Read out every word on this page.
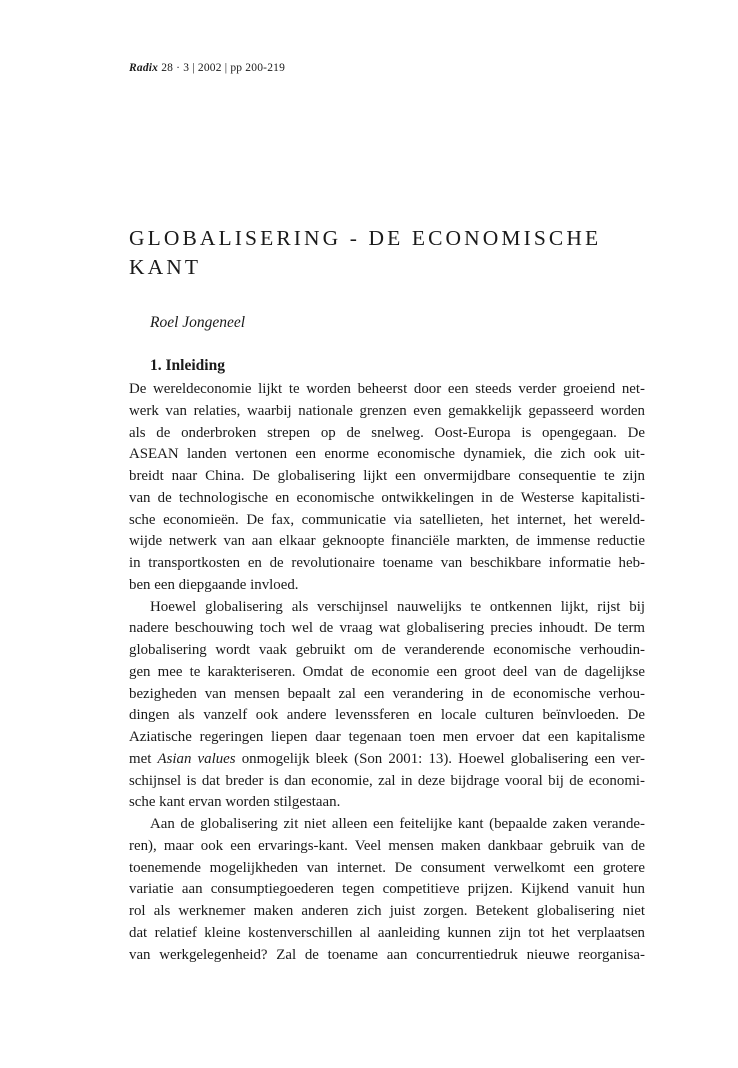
Radix 28 · 3 | 2002 | pp 200-219
GLOBALISERING - DE ECONOMISCHE KANT
Roel Jongeneel
1. Inleiding
De wereldeconomie lijkt te worden beheerst door een steeds verder groeiend net-
werk van relaties, waarbij nationale grenzen even gemakkelijk gepasseerd worden
als de onderbroken strepen op de snelweg. Oost-Europa is opengegaan. De
ASEAN landen vertonen een enorme economische dynamiek, die zich ook uit-
breidt naar China. De globalisering lijkt een onvermijdbare consequentie te zijn
van de technologische en economische ontwikkelingen in de Westerse kapitalisti-
sche economieën. De fax, communicatie via satellieten, het internet, het wereld-
wijde netwerk van aan elkaar geknoopte financiële markten, de immense reductie
in transportkosten en de revolutionaire toename van beschikbare informatie heb-
ben een diepgaande invloed.
Hoewel globalisering als verschijnsel nauwelijks te ontkennen lijkt, rijst bij
nadere beschouwing toch wel de vraag wat globalisering precies inhoudt. De term
globalisering wordt vaak gebruikt om de veranderende economische verhoudin-
gen mee te karakteriseren. Omdat de economie een groot deel van de dagelijkse
bezigheden van mensen bepaalt zal een verandering in de economische verhou-
dingen als vanzelf ook andere levenssferen en locale culturen beïnvloeden. De
Aziatische regeringen liepen daar tegenaan toen men ervoer dat een kapitalisme
met Asian values onmogelijk bleek (Son 2001: 13). Hoewel globalisering een ver-
schijnsel is dat breder is dan economie, zal in deze bijdrage vooral bij de economi-
sche kant ervan worden stilgestaan.
Aan de globalisering zit niet alleen een feitelijke kant (bepaalde zaken verande-
ren), maar ook een ervarings-kant. Veel mensen maken dankbaar gebruik van de
toenemende mogelijkheden van internet. De consument verwelkomt een grotere
variatie aan consumptiegoederen tegen competitieve prijzen. Kijkend vanuit hun
rol als werknemer maken anderen zich juist zorgen. Betekent globalisering niet
dat relatief kleine kostenverschillen al aanleiding kunnen zijn tot het verplaatsen
van werkgelegenheid? Zal de toename aan concurrentiedruk nieuwe reorganisa-
